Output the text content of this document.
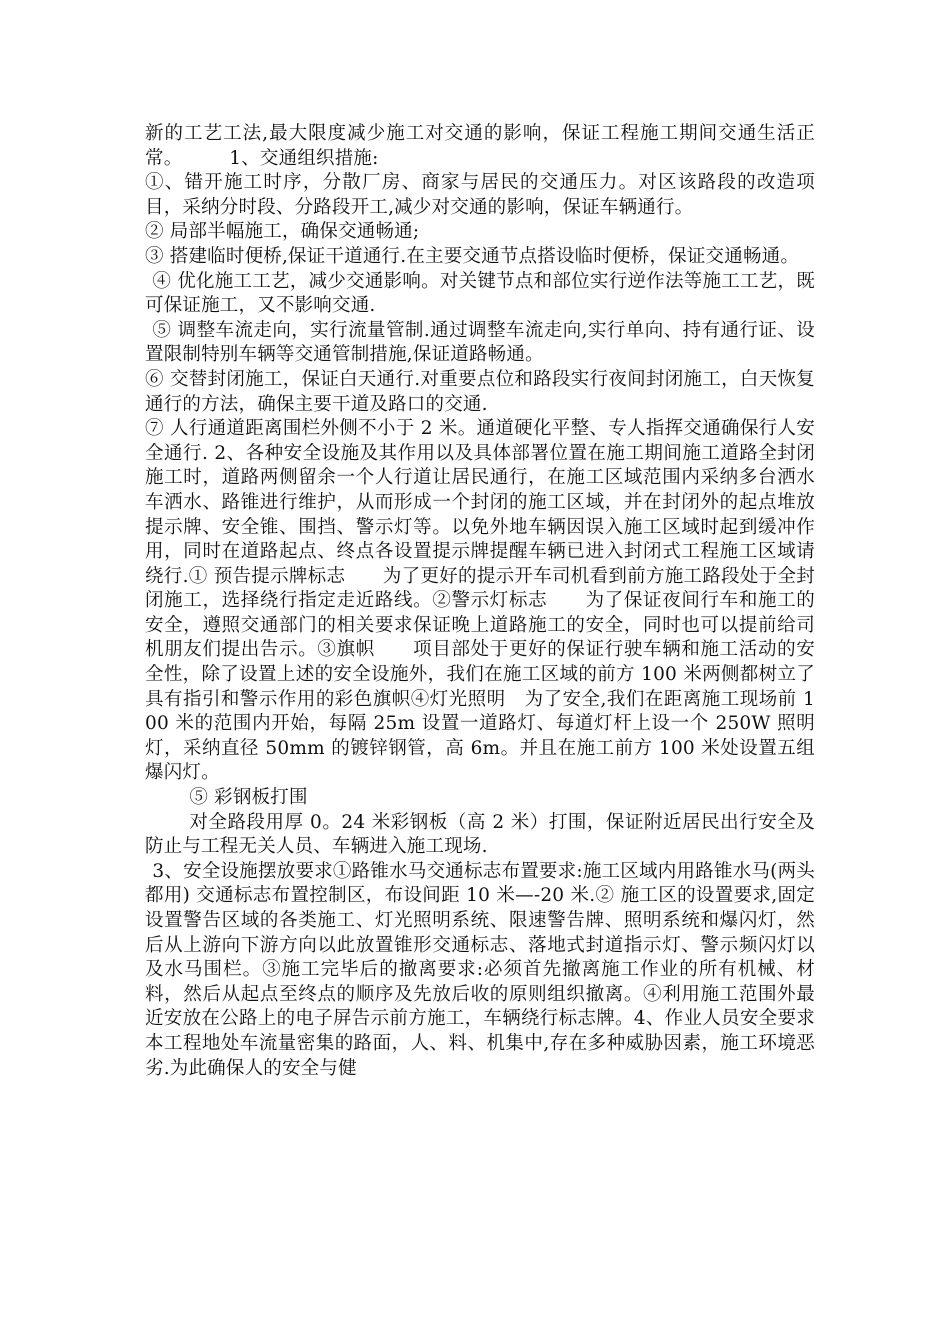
新的工艺工法,最大限度减少施工对交通的影响，保证工程施工期间交通生活正常。　　　1、交通组织措施:

①、错开施工时序，分散厂房、商家与居民的交通压力。对区该路段的改造项目，采纳分时段、分路段开工,减少对交通的影响，保证车辆通行。

② 局部半幅施工，确保交通畅通;

③ 搭建临时便桥,保证干道通行.在主要交通节点搭设临时便桥，保证交通畅通。

④ 优化施工工艺，减少交通影响。对关键节点和部位实行逆作法等施工工艺，既可保证施工，又不影响交通.

⑤ 调整车流走向，实行流量管制.通过调整车流走向,实行单向、持有通行证、设置限制特别车辆等交通管制措施,保证道路畅通。

⑥ 交替封闭施工，保证白天通行.对重要点位和路段实行夜间封闭施工，白天恢复通行的方法，确保主要干道及路口的交通.

⑦ 人行通道距离围栏外侧不小于 2 米。通道硬化平整、专人指挥交通确保行人安全通行. 2、各种安全设施及其作用以及具体部署位置在施工期间施工道路全封闭施工时，道路两侧留余一个人行道让居民通行，在施工区域范围内采纳多台洒水车洒水、路锥进行维护，从而形成一个封闭的施工区域，并在封闭外的起点堆放提示牌、安全锥、围挡、警示灯等。以免外地车辆因误入施工区域时起到缓冲作用，同时在道路起点、终点各设置提示牌提醒车辆已进入封闭式工程施工区域请绕行.① 预告提示牌标志　　为了更好的提示开车司机看到前方施工路段处于全封闭施工，选择绕行指定走近路线。②警示灯标志　　为了保证夜间行车和施工的安全，遵照交通部门的相关要求保证晚上道路施工的安全，同时也可以提前给司机朋友们提出告示。③旗帜　　项目部处于更好的保证行驶车辆和施工活动的安全性，除了设置上述的安全设施外，我们在施工区域的前方 100 米两侧都树立了具有指引和警示作用的彩色旗帜④灯光照明　为了安全,我们在距离施工现场前 100 米的范围内开始，每隔 25m 设置一道路灯、每道灯杆上设一个 250W 照明灯，采纳直径 50mm 的镀锌钢管，高 6m。并且在施工前方 100 米处设置五组爆闪灯。

⑤ 彩钢板打围

对全路段用厚 0。24 米彩钢板（高 2 米）打围，保证附近居民出行安全及防止与工程无关人员、车辆进入施工现场.

3、安全设施摆放要求①路锥水马交通标志布置要求:施工区域内用路锥水马(两头都用) 交通标志布置控制区，布设间距 10 米—-20 米.② 施工区的设置要求,固定设置警告区域的各类施工、灯光照明系统、限速警告牌、照明系统和爆闪灯，然后从上游向下游方向以此放置锥形交通标志、落地式封道指示灯、警示频闪灯以及水马围栏。③施工完毕后的撤离要求:必须首先撤离施工作业的所有机械、材料，然后从起点至终点的顺序及先放后收的原则组织撤离。④利用施工范围外最近安放在公路上的电子屏告示前方施工，车辆绕行标志牌。4、作业人员安全要求　　本工程地处车流量密集的路面，人、料、机集中,存在多种威胁因素，施工环境恶劣.为此确保人的安全与健
